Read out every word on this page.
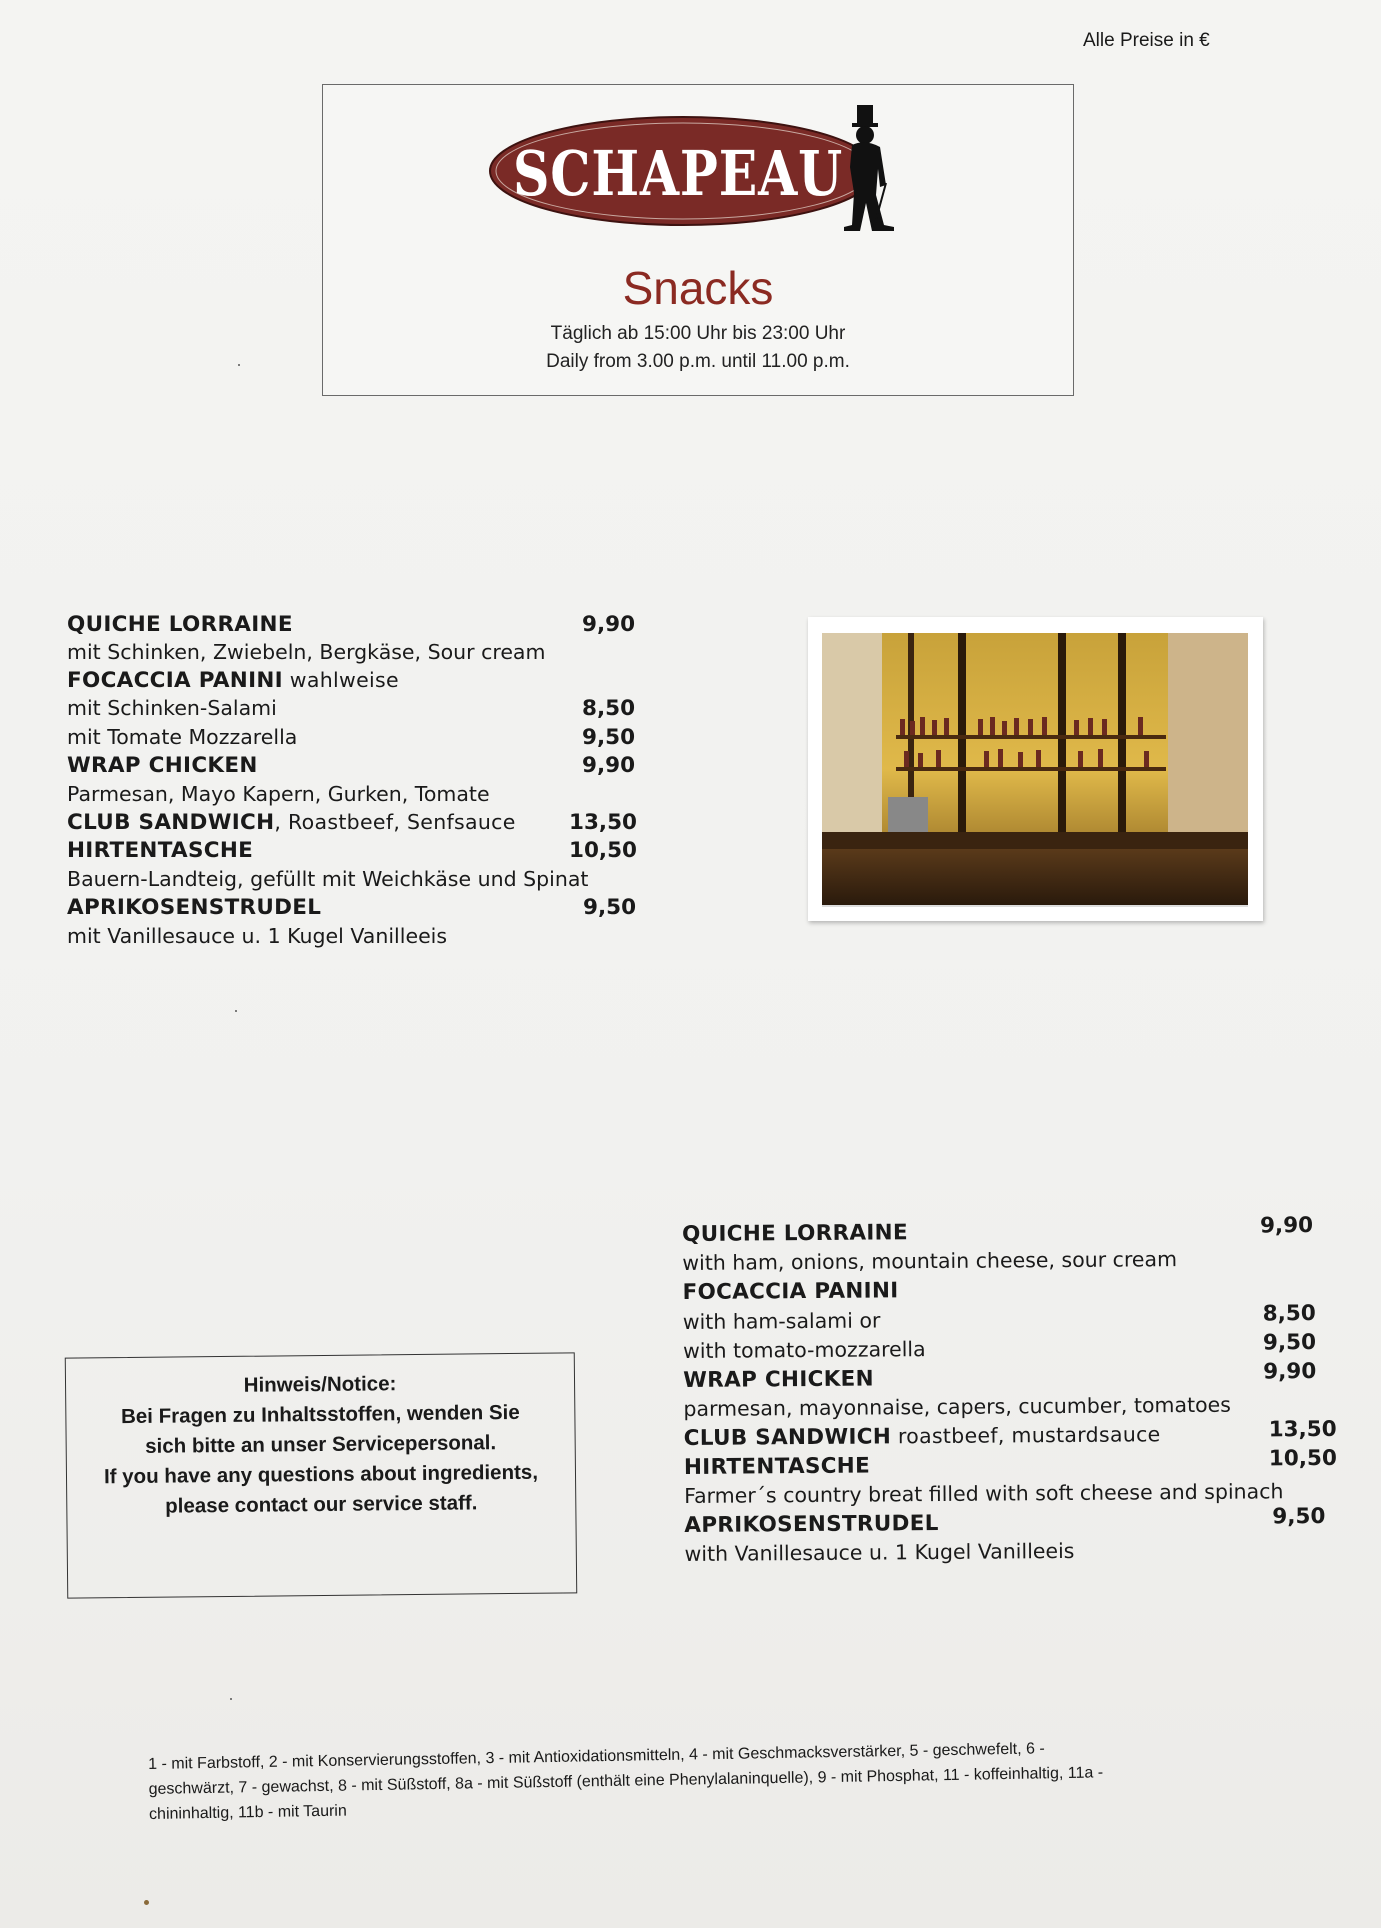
Alle Preise in €
SCHAPEAU
Snacks
Täglich ab 15:00 Uhr bis 23:00 Uhr
Daily from 3.00 p.m. until 11.00 p.m.
QUICHE LORRAINE	9,90
mit Schinken, Zwiebeln, Bergkäse, Sour cream
FOCACCIA PANINI wahlweise
mit Schinken-Salami	8,50
mit Tomate Mozzarella	9,50
WRAP CHICKEN	9,90
Parmesan, Mayo Kapern, Gurken, Tomate
CLUB SANDWICH, Roastbeef, Senfsauce 13,50
HIRTENTASCHE	10,50
Bauern-Landteig, gefüllt mit Weichkäse und Spinat
APRIKOSENSTRUDEL	9,50
mit Vanillesauce u. 1 Kugel Vanilleeis
Hinweis/Notice:
Bei Fragen zu Inhaltsstoffen, wenden Sie
sich bitte an unser Servicepersonal.
If you have any questions about ingredients,
please contact our service staff.
QUICHE LORRAINE	9,90
with ham, onions, mountain cheese, sour cream
FOCACCIA PANINI
with ham-salami or	8,50
with tomato-mozzarella	9,50
WRAP CHICKEN	9,90
parmesan, mayonnaise, capers, cucumber, tomatoes
CLUB SANDWICH roastbeef, mustardsauce	13,50
HIRTENTASCHE	10,50
Farmer´s country breat filled with soft cheese and spinach
APRIKOSENSTRUDEL	9,50
with Vanillesauce u. 1 Kugel Vanilleeis
1 - mit Farbstoff, 2 - mit Konservierungsstoffen, 3 - mit Antioxidationsmitteln, 4 - mit Geschmacksverstärker, 5 - geschwefelt, 6 -
geschwärzt, 7 - gewachst, 8 - mit Süßstoff, 8a - mit Süßstoff (enthält eine Phenylalaninquelle), 9 - mit Phosphat, 11 - koffeinhaltig, 11a -
chininhaltig, 11b - mit Taurin
